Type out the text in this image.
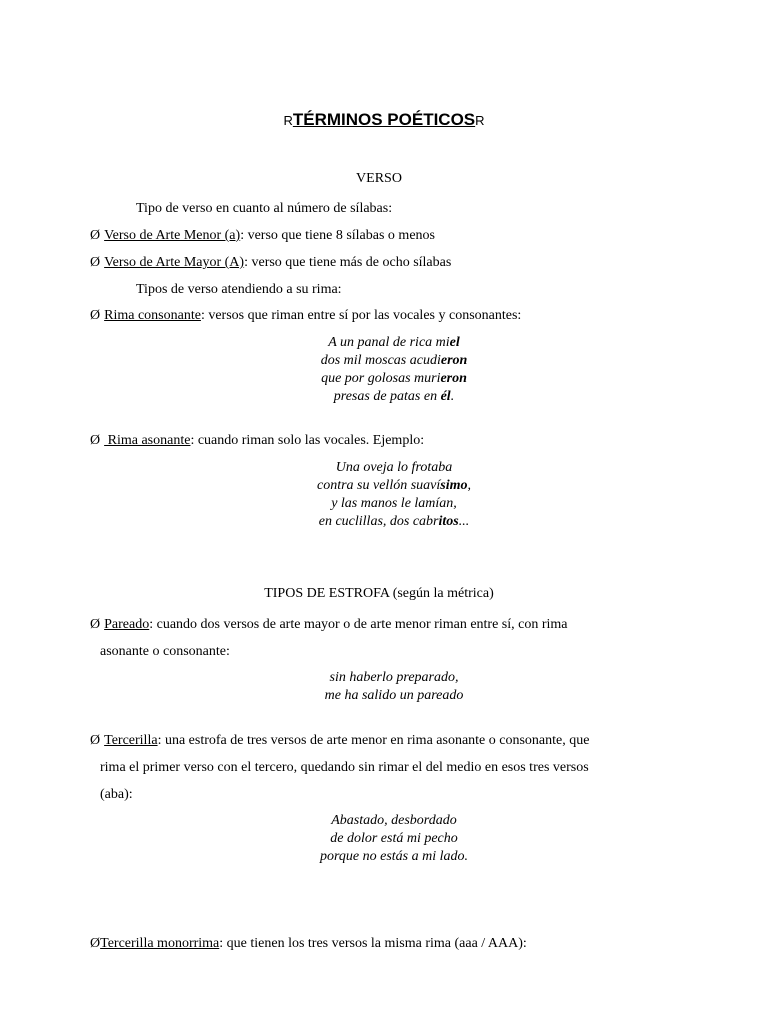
RTÉRMINOS POÉTICOSR
VERSO
Tipo de verso en cuanto al número de sílabas:
Ø Verso de Arte Menor (a): verso que tiene 8 sílabas o menos
Ø Verso de Arte Mayor (A): verso que tiene más de ocho sílabas
Tipos de verso atendiendo a su rima:
Ø Rima consonante: versos que riman entre sí por las vocales y consonantes:
A un panal de rica miel
dos mil moscas acudieron
que por golosas murieron
presas de patas en él.
Ø Rima asonante: cuando riman solo las vocales. Ejemplo:
Una oveja lo frotaba
contra su vellón suavísimo,
y las manos le lamían,
en cuclillas, dos cabritos...
TIPOS DE ESTROFA (según la métrica)
Ø Pareado: cuando dos versos de arte mayor o de arte menor riman entre sí, con rima
asonante o consonante:
sin haberlo preparado,
me ha salido un pareado
Ø Tercerilla: una estrofa de tres versos de arte menor en rima asonante o consonante, que
rima el primer verso con el tercero, quedando sin rimar el del medio en esos tres versos
(aba):
Abastado, desbordado
de dolor está mi pecho
porque no estás a mi lado.
ØTercerilla monorrima: que tienen los tres versos la misma rima (aaa / AAA):
